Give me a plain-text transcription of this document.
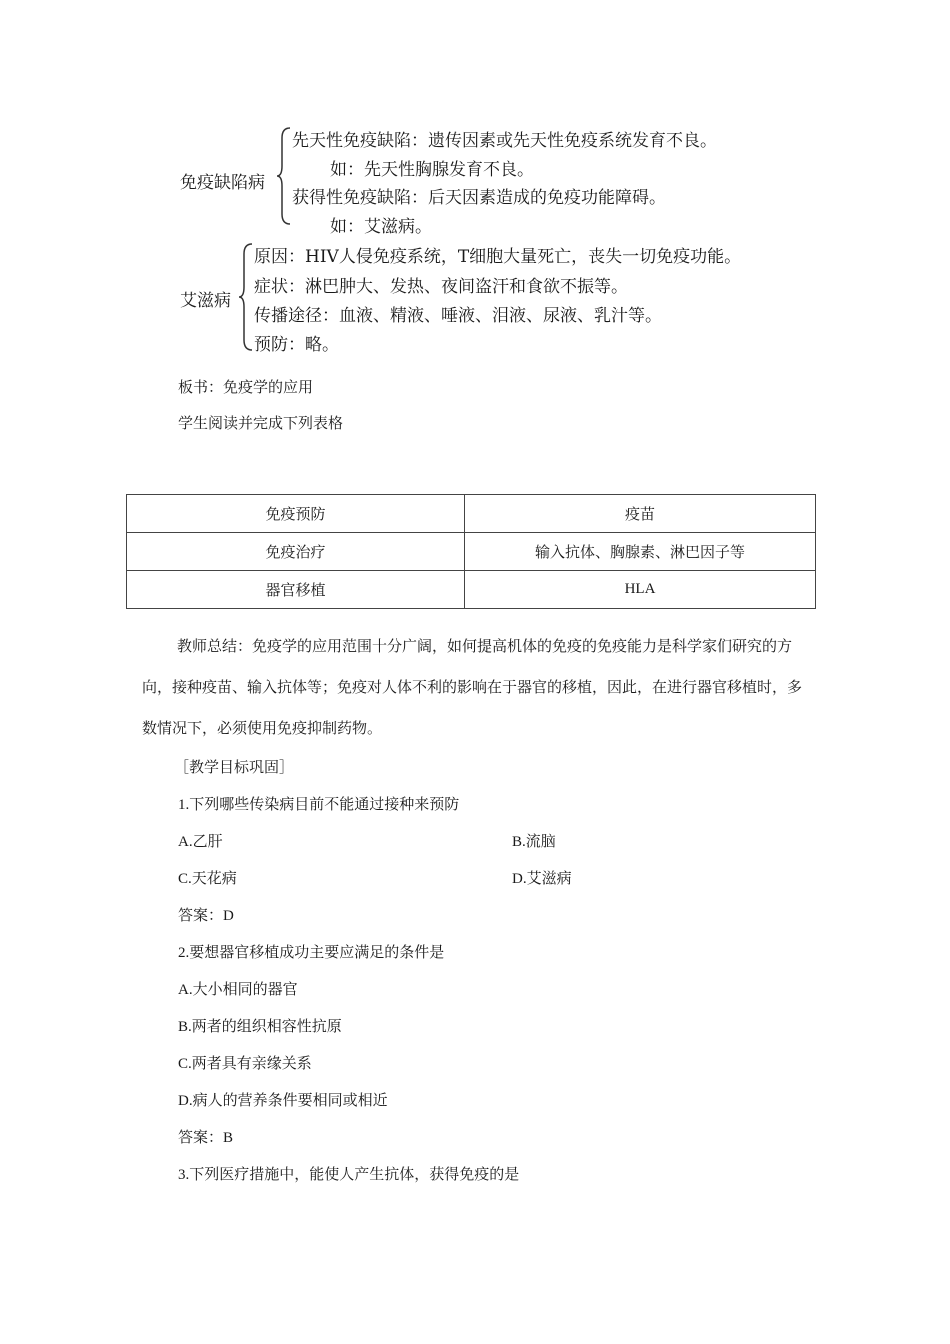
免疫缺陷病
先天性免疫缺陷：遗传因素或先天性免疫系统发育不良。
如：先天性胸腺发育不良。
获得性免疫缺陷：后天因素造成的免疫功能障碍。
如：艾滋病。
艾滋病
原因：HIV人侵免疫系统，T细胞大量死亡，丧失一切免疫功能。
症状：淋巴肿大、发热、夜间盗汗和食欲不振等。
传播途径：血液、精液、唾液、泪液、尿液、乳汁等。
预防：略。
板书：免疫学的应用
学生阅读并完成下列表格
免疫预防	疫苗
免疫治疗	输入抗体、胸腺素、淋巴因子等
器官移植	HLA
教师总结：免疫学的应用范围十分广阔，如何提高机体的免疫的免疫能力是科学家们研究的方向，接种疫苗、输入抗体等；免疫对人体不利的影响在于器官的移植，因此，在进行器官移植时，多数情况下，必须使用免疫抑制药物。
［教学目标巩固］
1.下列哪些传染病目前不能通过接种来预防
A.乙肝	B.流脑
C.天花病	D.艾滋病
答案：D
2.要想器官移植成功主要应满足的条件是
A.大小相同的器官
B.两者的组织相容性抗原
C.两者具有亲缘关系
D.病人的营养条件要相同或相近
答案：B
3.下列医疗措施中，能使人产生抗体，获得免疫的是
